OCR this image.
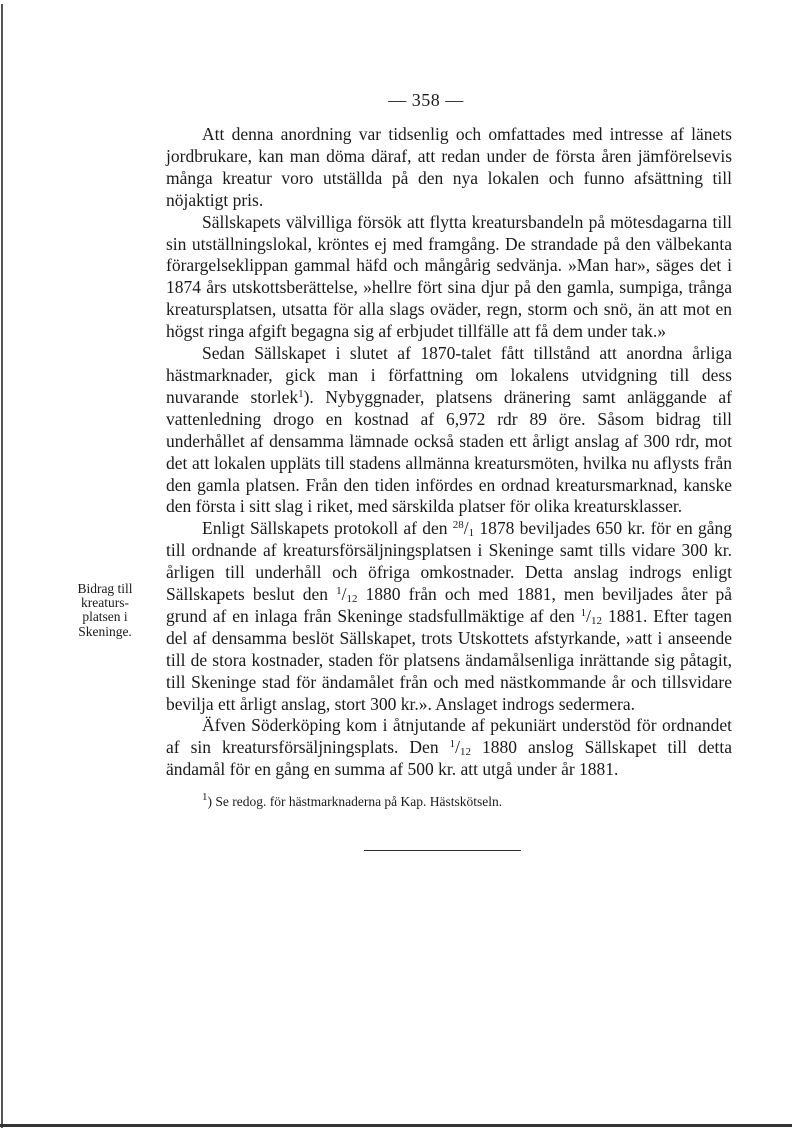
— 358 —
Bidrag till
kreaturs-
platsen i
Skeninge.

Att denna anordning var tidsenlig och omfattades med intresse af länets jordbrukare, kan man döma däraf, att redan under de första åren jämförelsevis många kreatur voro utställda på den nya lokalen och funno afsättning till nöjaktigt pris.

Sällskapets välvilliga försök att flytta kreatursbandeln på mötesdagarna till sin utställningslokal, kröntes ej med framgång. De strandade på den välbekanta förargelseklippan gammal häfd och mångårig sedvänja. »Man har», säges det i 1874 års utskottsberättelse, »hellre fört sina djur på den gamla, sumpiga, trånga kreatursplatsen, utsatta för alla slags oväder, regn, storm och snö, än att mot en högst ringa afgift begagna sig af erbjudet tillfälle att få dem under tak.»

Sedan Sällskapet i slutet af 1870-talet fått tillstånd att anordna årliga hästmarknader, gick man i författning om lokalens utvidgning till dess nuvarande storlek$^1$). Nybyggnader, platsens dränering samt anläggande af vattenledning drogo en kostnad af 6,972 rdr 89 öre. Såsom bidrag till underhållet af densamma lämnade också staden ett årligt anslag af 300 rdr, mot det att lokalen uppläts till stadens allmänna kreatursmöten, hvilka nu aflysts från den gamla platsen. Från den tiden infördes en ordnad kreatursmarknad, kanske den första i sitt slag i riket, med särskilda platser för olika kreatursklasser.

Enligt Sällskapets protokoll af den $^{28}/_1$ 1878 beviljades 650 kr. för en gång till ordnande af kreatursförsäljningsplatsen i Skeninge samt tills vidare 300 kr. årligen till underhåll och öfriga omkostnader. Detta anslag indrogs enligt Sällskapets beslut den $^1/_{12}$ 1880 från och med 1881, men beviljades åter på grund af en inlaga från Skeninge stadsfullmäktige af den $^1/_{12}$ 1881. Efter tagen del af densamma beslöt Sällskapet, trots Utskottets afstyrkande, »att i anseende till de stora kostnader, staden för platsens ändamålsenliga inrättande sig påtagit, till Skeninge stad för ändamålet från och med nästkommande år och tillsvidare bevilja ett årligt anslag, stort 300 kr.». Anslaget indrogs sedermera.

Äfven Söderköping kom i åtnjutande af pekuniärt understöd för ordnandet af sin kreatursförsäljningsplats. Den $^1/_{12}$ 1880 anslog Sällskapet till detta ändamål för en gång en summa af 500 kr. att utgå under år 1881.

$^1$) Se redog. för hästmarknaderna på Kap. Hästskötseln.
